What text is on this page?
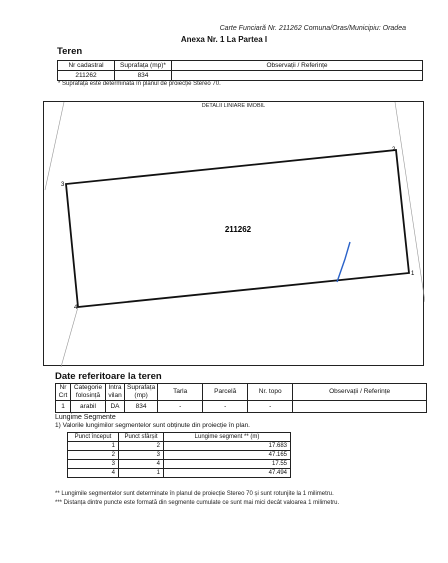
Carte Funciară Nr. 211262 Comuna/Oras/Municipiu: Oradea
Anexa Nr. 1 La Partea I
Teren
Nr cadastral	Suprafața (mp)*	Observații / Referințe
211262	834	
* Suprafața este determinată în planul de proiecție Stereo 70.
DETALII LINIARE IMOBIL
211262
1
2
3
4
Date referitoare la teren
Nr Crt	Categorie folosință	Intra vilan	Suprafața (mp)	Tarla	Parcelă	Nr. topo	Observații / Referințe
1	arabil	DA	834	-	-	-	
Lungime Segmente
1) Valorile lungimilor segmentelor sunt obținute din proiecție în plan.
Punct început	Punct sfârșit	Lungime segment ** (m)
1	2	17.683
2	3	47.165
3	4	17.55
4	1	47.494
** Lungimile segmentelor sunt determinate în planul de proiecție Stereo 70 și sunt rotunjite la 1 milimetru.
*** Distanța dintre puncte este formată din segmente cumulate ce sunt mai mici decât valoarea 1 milimetru.
